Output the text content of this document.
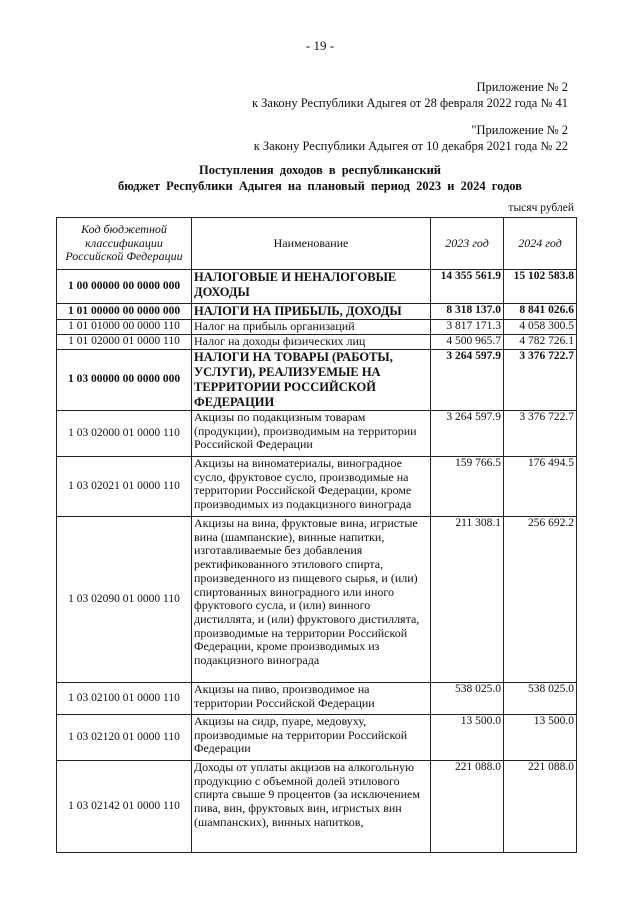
- 19 -
Приложение № 2
к Закону Республики Адыгея от 28 февраля 2022 года № 41
"Приложение № 2
к Закону Республики Адыгея от 10 декабря 2021 года № 22
Поступления доходов в республиканский
бюджет Республики Адыгея на плановый период 2023 и 2024 годов
тысяч рублей
Код бюджетной классификации Российской Федерации	Наименование	2023 год	2024 год
1 00 00000 00 0000 000	НАЛОГОВЫЕ И НЕНАЛОГОВЫЕ ДОХОДЫ	14 355 561.9	15 102 583.8
1 01 00000 00 0000 000	НАЛОГИ НА ПРИБЫЛЬ, ДОХОДЫ	8 318 137.0	8 841 026.6
1 01 01000 00 0000 110	Налог на прибыль организаций	3 817 171.3	4 058 300.5
1 01 02000 01 0000 110	Налог на доходы физических лиц	4 500 965.7	4 782 726.1
1 03 00000 00 0000 000	НАЛОГИ НА ТОВАРЫ (РАБОТЫ, УСЛУГИ), РЕАЛИЗУЕМЫЕ НА ТЕРРИТОРИИ РОССИЙСКОЙ ФЕДЕРАЦИИ	3 264 597.9	3 376 722.7
1 03 02000 01 0000 110	Акцизы по подакцизным товарам (продукции), производимым на территории Российской Федерации	3 264 597.9	3 376 722.7
1 03 02021 01 0000 110	Акцизы на виноматериалы, виноградное сусло, фруктовое сусло, производимые на территории Российской Федерации, кроме производимых из подакцизного винограда	159 766.5	176 494.5
1 03 02090 01 0000 110	Акцизы на вина, фруктовые вина, игристые вина (шампанские), винные напитки, изготавливаемые без добавления ректификованного этилового спирта, произведенного из пищевого сырья, и (или) спиртованных виноградного или иного фруктового сусла, и (или) винного дистиллята, и (или) фруктового дистиллята, производимые на территории Российской Федерации, кроме производимых из подакцизного винограда	211 308.1	256 692.2
1 03 02100 01 0000 110	Акцизы на пиво, производимое на территории Российской Федерации	538 025.0	538 025.0
1 03 02120 01 0000 110	Акцизы на сидр, пуаре, медовуху, производимые на территории Российской Федерации	13 500.0	13 500.0
1 03 02142 01 0000 110	Доходы от уплаты акцизов на алкогольную продукцию с объемной долей этилового спирта свыше 9 процентов (за исключением пива, вин, фруктовых вин, игристых вин (шампанских), винных напитков,	221 088.0	221 088.0
